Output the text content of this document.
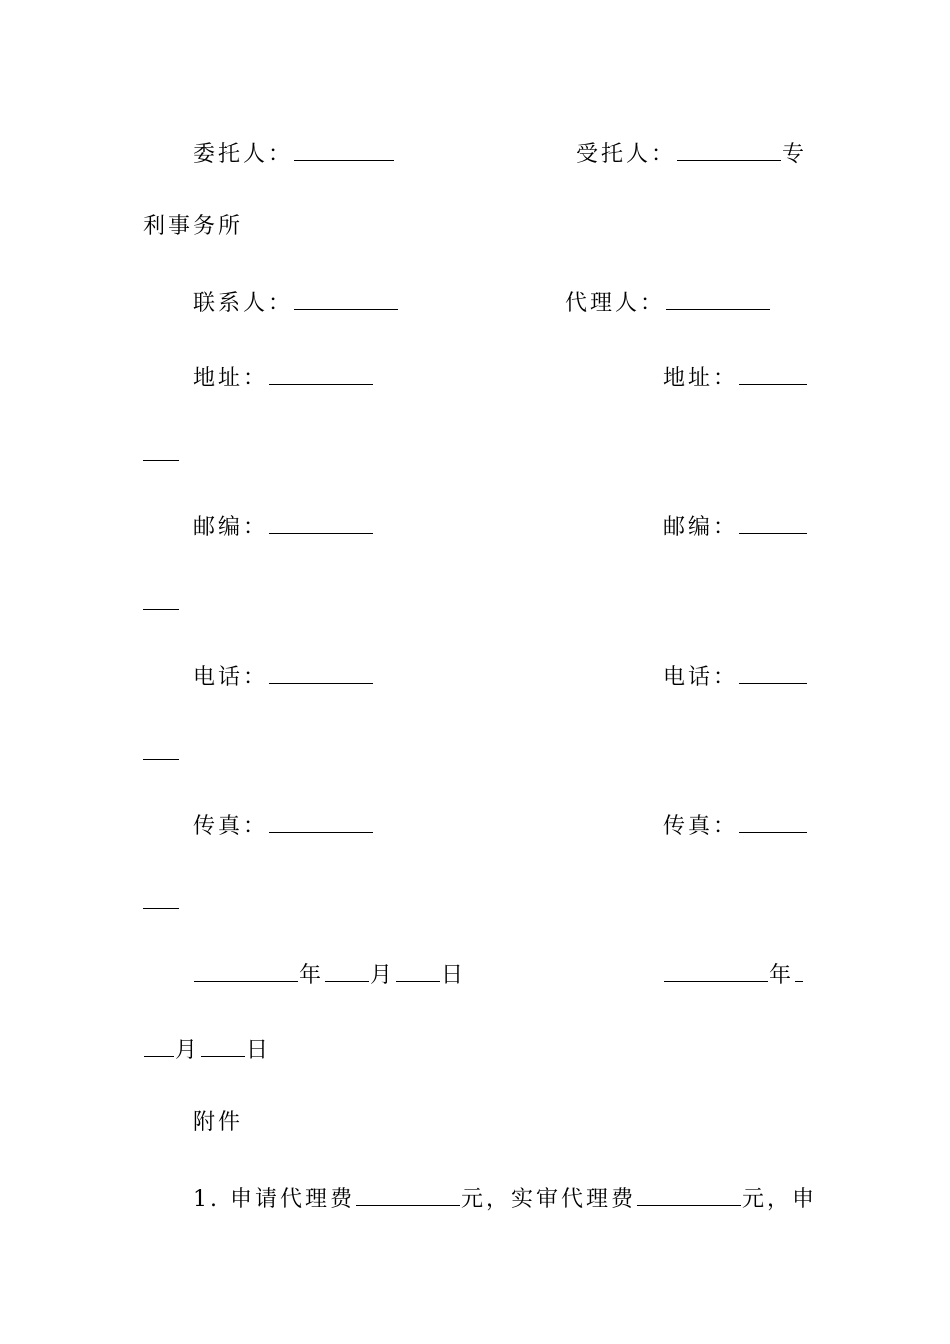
委托人：	受托人：	专
利事务所
联系人：	代理人：
地址：	地址：
邮编：	邮编：
电话：	电话：
传真：	传真：
年 月 日	年
月 日
附件
1. 申请代理费	元，实审代理费	元，申
